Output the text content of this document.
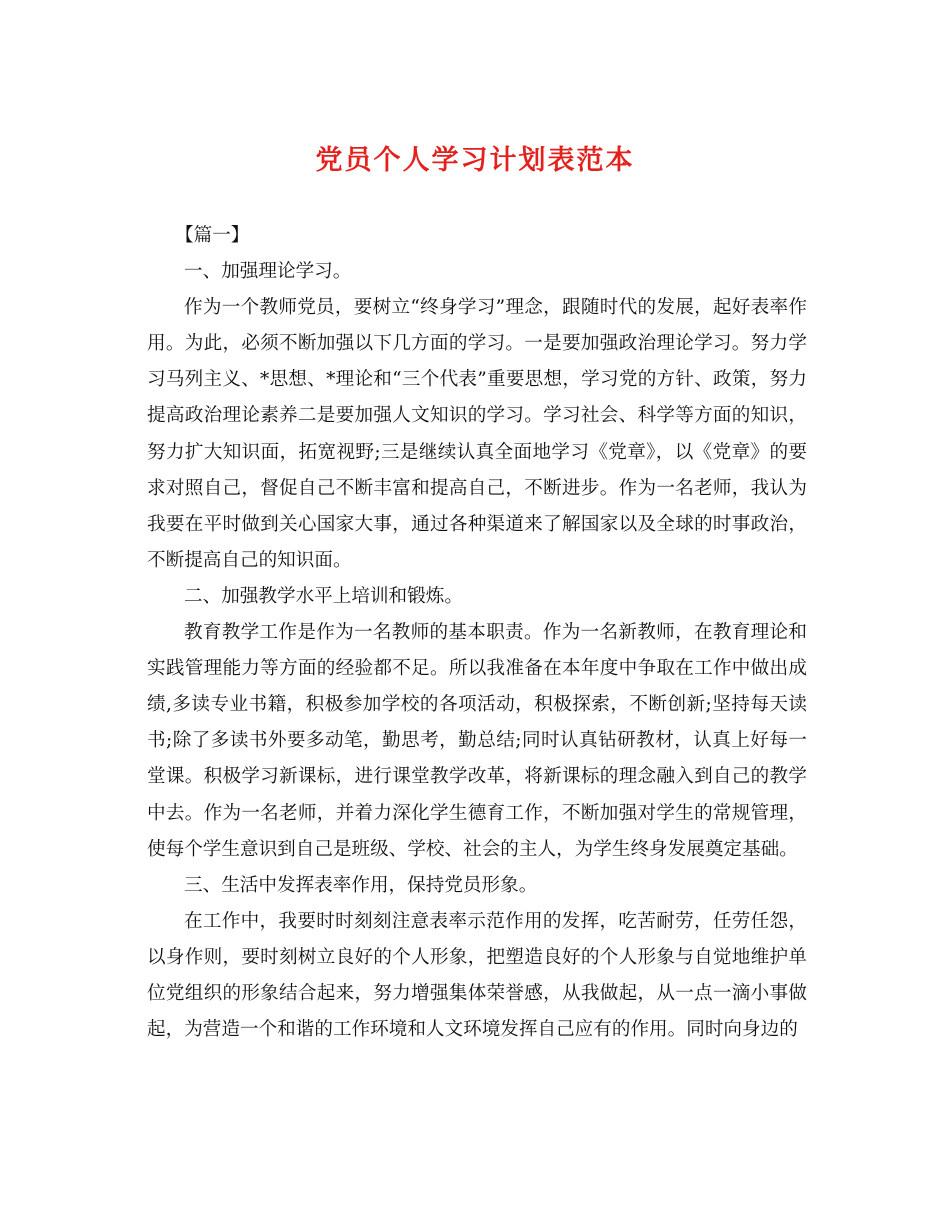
党员个人学习计划表范本

【篇一】

一、加强理论学习。

作为一个教师党员，要树立“终身学习”理念，跟随时代的发展，起好表率作用。为此，必须不断加强以下几方面的学习。一是要加强政治理论学习。努力学习马列主义、*思想、*理论和“三个代表”重要思想，学习党的方针、政策，努力提高政治理论素养二是要加强人文知识的学习。学习社会、科学等方面的知识，努力扩大知识面，拓宽视野;三是继续认真全面地学习《党章》，以《党章》的要求对照自己，督促自己不断丰富和提高自己，不断进步。作为一名老师，我认为我要在平时做到关心国家大事，通过各种渠道来了解国家以及全球的时事政治，不断提高自己的知识面。

二、加强教学水平上培训和锻炼。

教育教学工作是作为一名教师的基本职责。作为一名新教师，在教育理论和实践管理能力等方面的经验都不足。所以我准备在本年度中争取在工作中做出成绩,多读专业书籍，积极参加学校的各项活动，积极探索，不断创新;坚持每天读书;除了多读书外要多动笔，勤思考，勤总结;同时认真钻研教材，认真上好每一堂课。积极学习新课标，进行课堂教学改革，将新课标的理念融入到自己的教学中去。作为一名老师，并着力深化学生德育工作，不断加强对学生的常规管理，使每个学生意识到自己是班级、学校、社会的主人，为学生终身发展奠定基础。

三、生活中发挥表率作用，保持党员形象。

在工作中，我要时时刻刻注意表率示范作用的发挥，吃苦耐劳，任劳任怨，以身作则，要时刻树立良好的个人形象，把塑造良好的个人形象与自觉地维护单位党组织的形象结合起来，努力增强集体荣誉感，从我做起，从一点一滴小事做起，为营造一个和谐的工作环境和人文环境发挥自己应有的作用。同时向身边的
